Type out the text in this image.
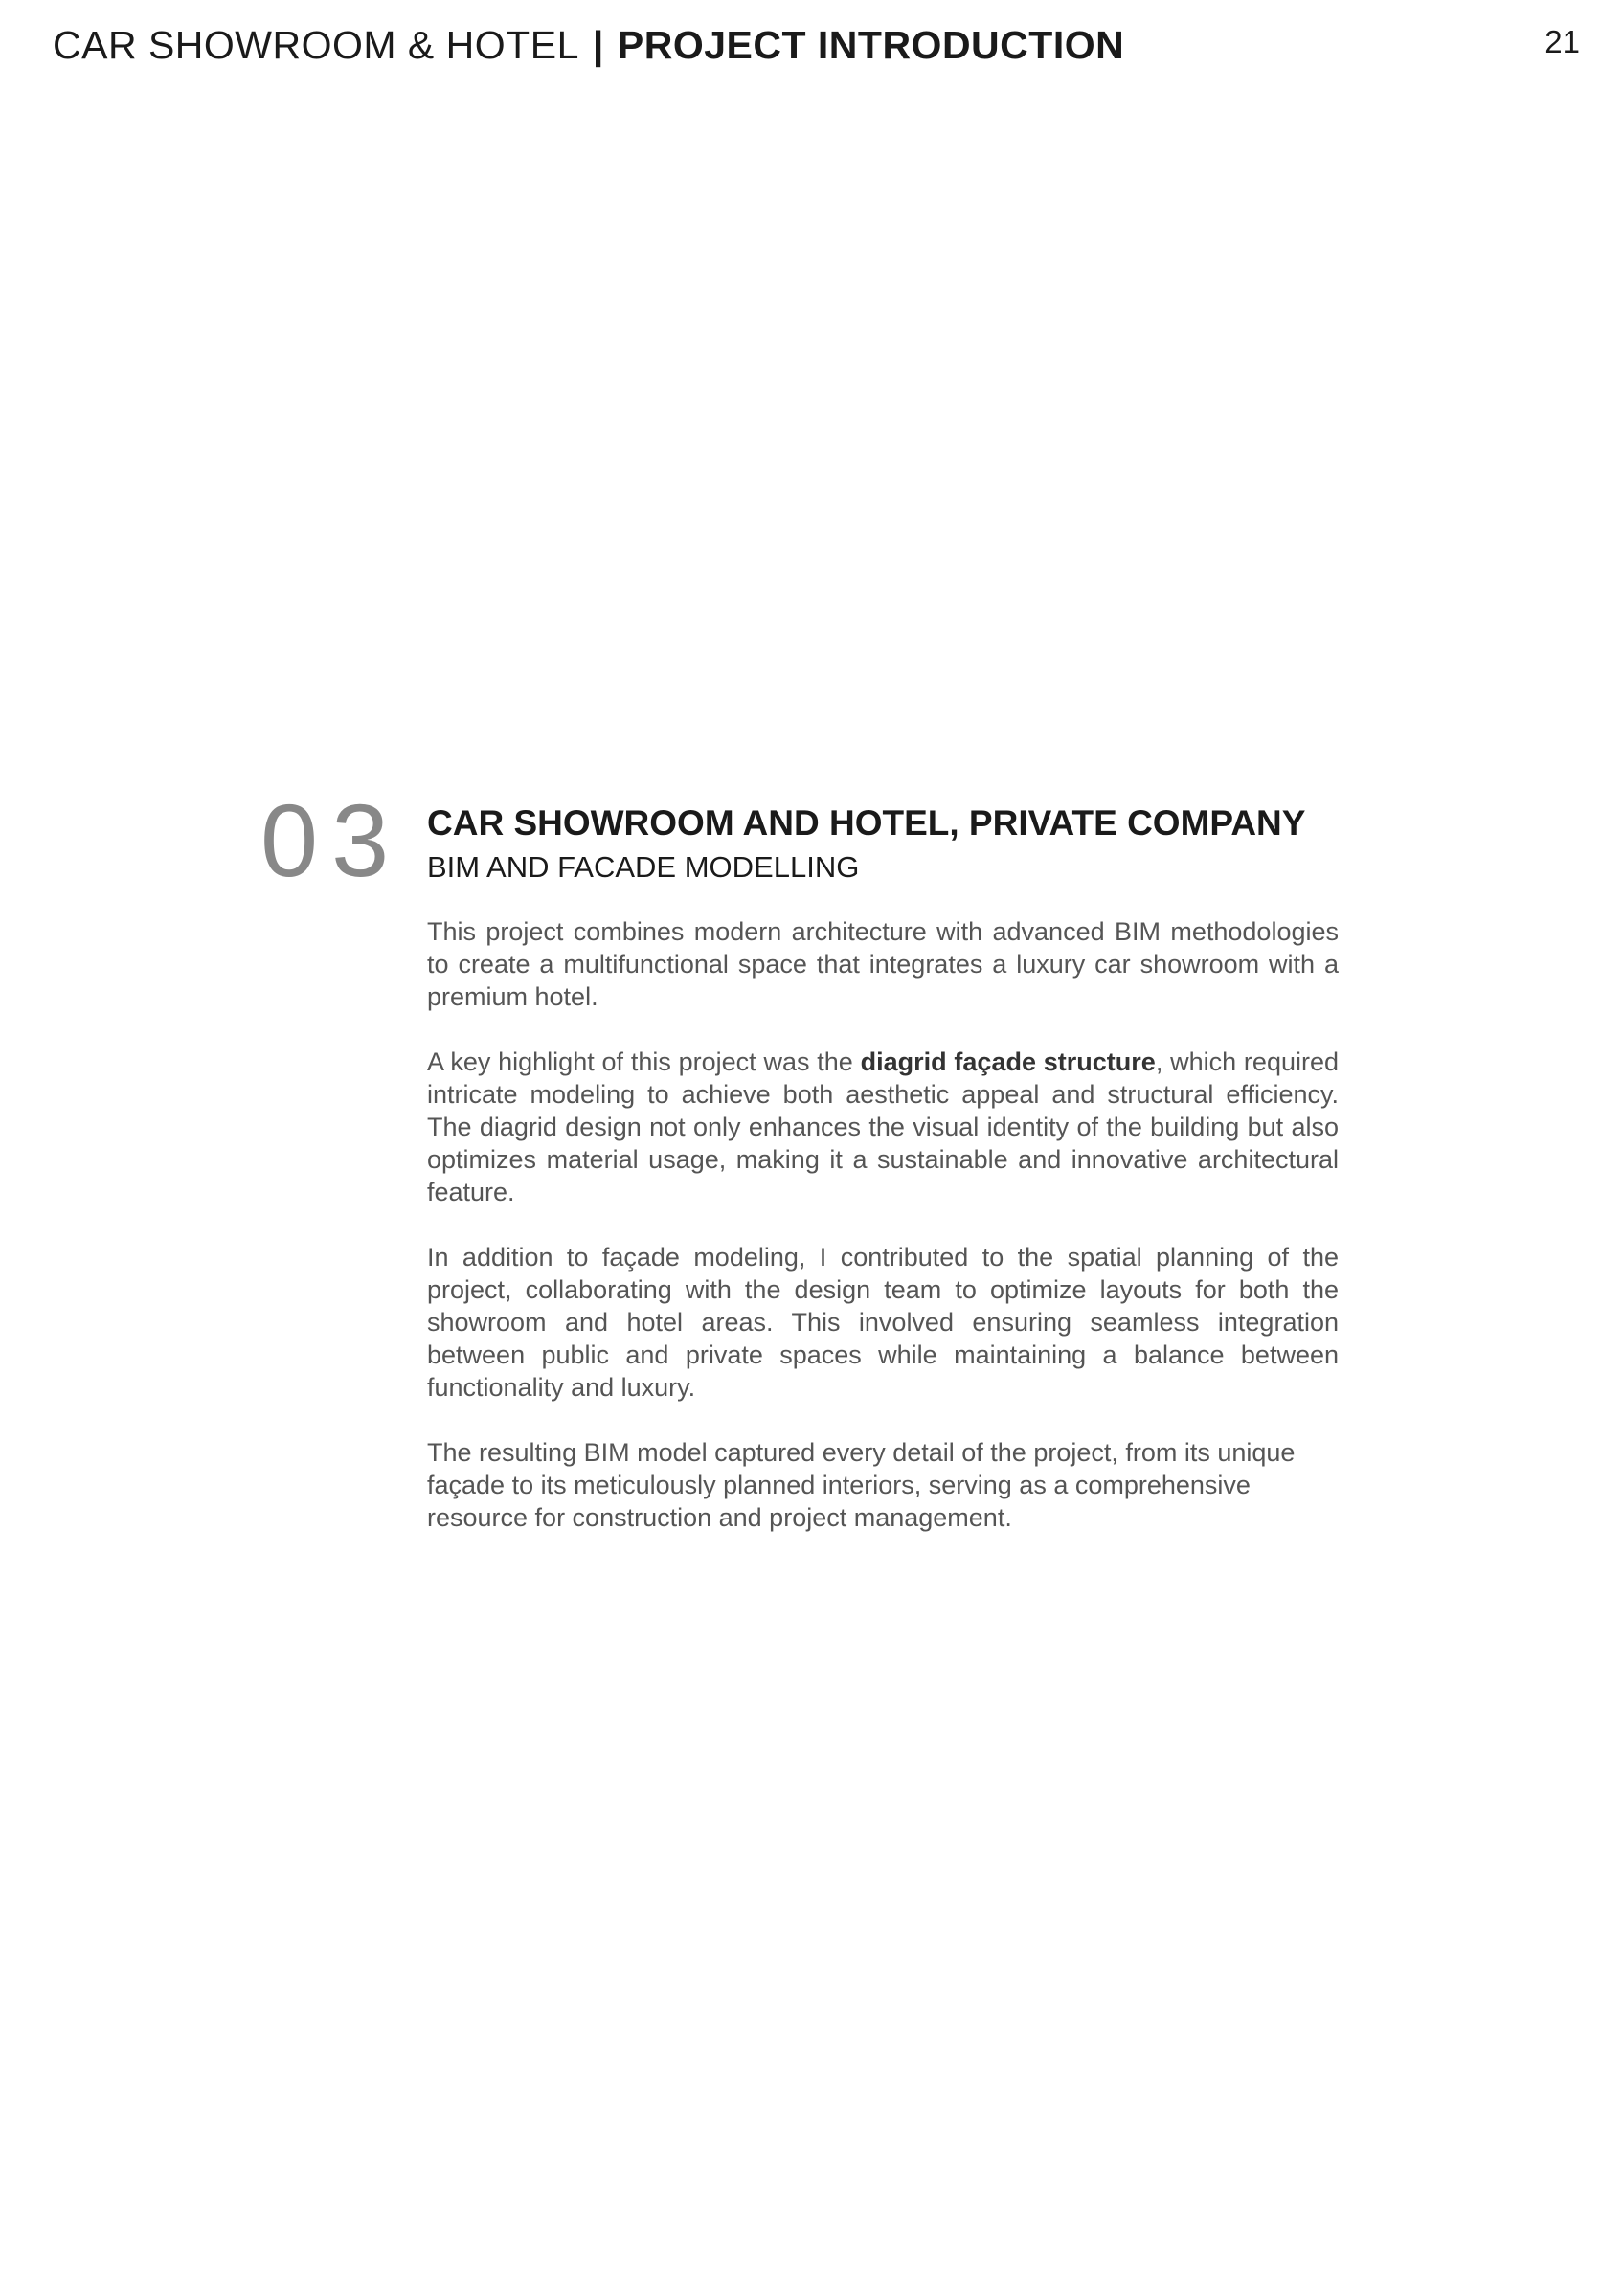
CAR SHOWROOM & HOTEL | PROJECT INTRODUCTION	21
03 CAR SHOWROOM AND HOTEL, PRIVATE COMPANY
BIM AND FACADE MODELLING

This project combines modern architecture with advanced BIM methodologies to create a multifunctional space that integrates a luxury car showroom with a premium hotel.

A key highlight of this project was the diagrid façade structure, which required intricate modeling to achieve both aesthetic appeal and structural efficiency. The diagrid design not only enhances the visual identity of the building but also optimizes material usage, making it a sustainable and innovative architectural feature.

In addition to façade modeling, I contributed to the spatial planning of the project, collaborating with the design team to optimize layouts for both the showroom and hotel areas. This involved ensuring seamless integration between public and private spaces while maintaining a balance between functionality and luxury.

The resulting BIM model captured every detail of the project, from its unique façade to its meticulously planned interiors, serving as a comprehensive resource for construction and project management.
